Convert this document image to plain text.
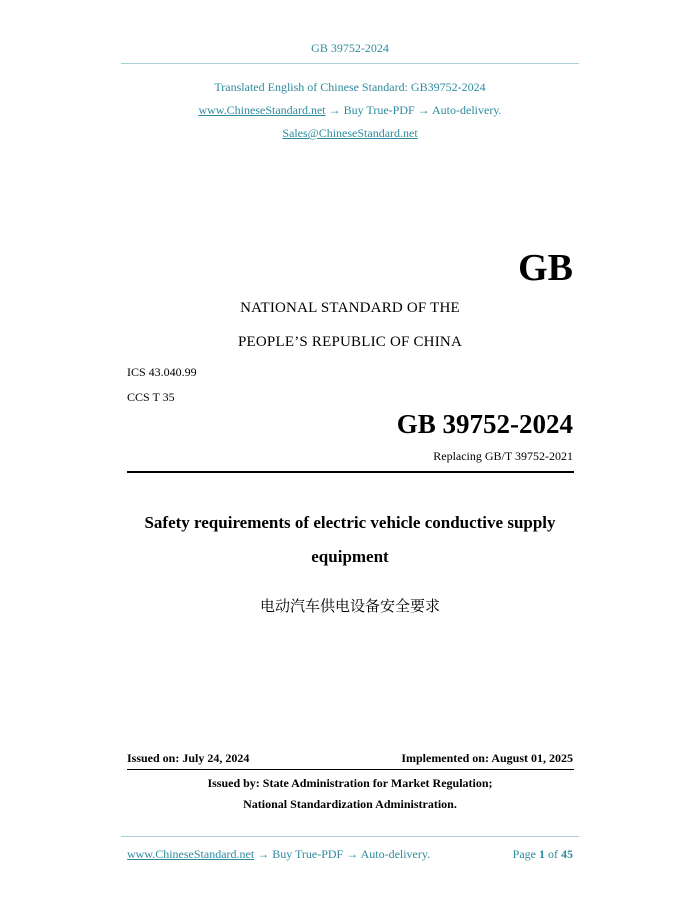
GB 39752-2024
Translated English of Chinese Standard: GB39752-2024
www.ChineseStandard.net → Buy True-PDF → Auto-delivery.
Sales@ChineseStandard.net
GB
NATIONAL STANDARD OF THE
PEOPLE’S REPUBLIC OF CHINA
ICS 43.040.99
CCS T 35
GB 39752-2024
Replacing GB/T 39752-2021
Safety requirements of electric vehicle conductive supply
equipment
电动汽车供电设备安全要求
Issued on: July 24, 2024	Implemented on: August 01, 2025
Issued by: State Administration for Market Regulation;
National Standardization Administration.
www.ChineseStandard.net → Buy True-PDF → Auto-delivery.	Page 1 of 45
